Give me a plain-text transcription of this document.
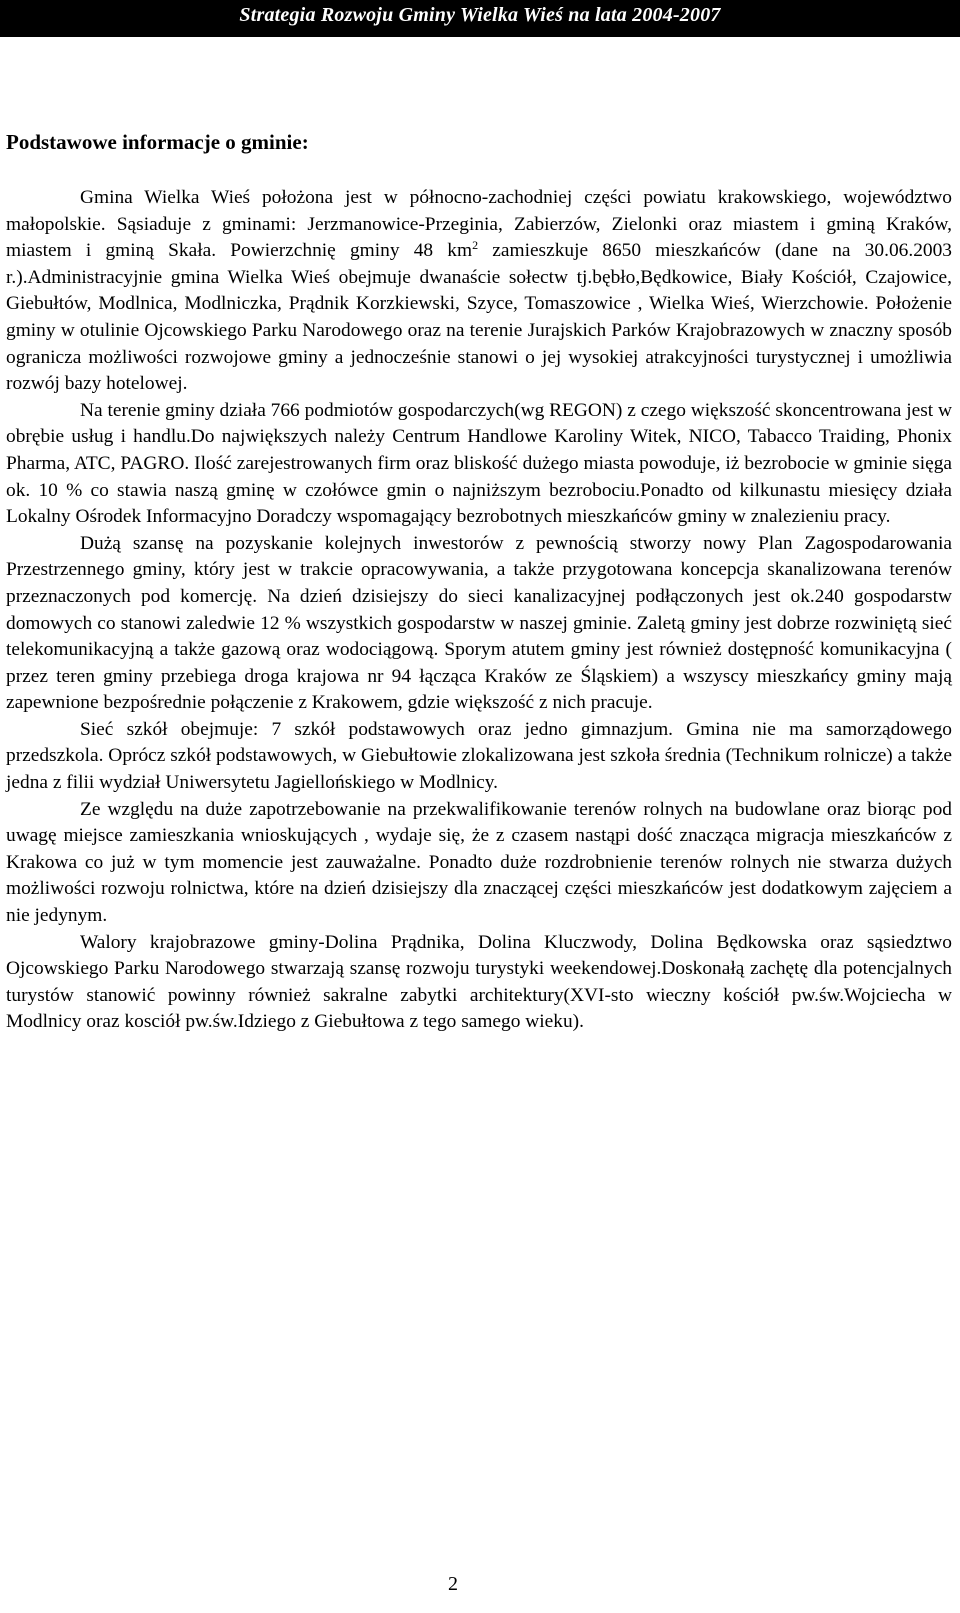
Strategia Rozwoju Gminy Wielka Wieś na lata 2004-2007
Podstawowe informacje o gminie:

Gmina Wielka Wieś położona jest w północno-zachodniej części powiatu krakowskiego, województwo małopolskie. Sąsiaduje z gminami: Jerzmanowice-Przeginia, Zabierzów, Zielonki oraz miastem i gminą Kraków, miastem i gminą Skała. Powierzchnię gminy 48 $km^2$ zamieszkuje 8650 mieszkańców (dane na 30.06.2003 r.).Administracyjnie gmina Wielka Wieś obejmuje dwanaście sołectw tj.bębło,Będkowice, Biały Kościół, Czajowice, Giebułtów, Modlnica, Modlniczka, Prądnik Korzkiewski, Szyce, Tomaszowice , Wielka Wieś, Wierzchowie. Położenie gminy w otulinie Ojcowskiego Parku Narodowego oraz na terenie Jurajskich Parków Krajobrazowych w znaczny sposób ogranicza możliwości rozwojowe gminy a jednocześnie stanowi o jej wysokiej atrakcyjności turystycznej i umożliwia rozwój bazy hotelowej.

Na terenie gminy działa 766 podmiotów gospodarczych(wg REGON) z czego większość skoncentrowana jest w obrębie usług i handlu.Do największych należy Centrum Handlowe Karoliny Witek, NICO, Tabacco Traiding, Phonix Pharma, ATC, PAGRO. Ilość zarejestrowanych firm oraz bliskość dużego miasta powoduje, iż bezrobocie w gminie sięga ok. 10 % co stawia naszą gminę w czołówce gmin o najniższym bezrobociu.Ponadto od kilkunastu miesięcy działa Lokalny Ośrodek Informacyjno Doradczy wspomagający bezrobotnych mieszkańców gminy w znalezieniu pracy.

Dużą szansę na pozyskanie kolejnych inwestorów z pewnością stworzy nowy Plan Zagospodarowania Przestrzennego gminy, który jest w trakcie opracowywania, a także przygotowana koncepcja skanalizowana terenów przeznaczonych pod komercję. Na dzień dzisiejszy do sieci kanalizacyjnej podłączonych jest ok.240 gospodarstw domowych co stanowi zaledwie 12 % wszystkich gospodarstw w naszej gminie. Zaletą gminy jest dobrze rozwiniętą sieć telekomunikacyjną a także gazową oraz wodociągową. Sporym atutem gminy jest również dostępność komunikacyjna ( przez teren gminy przebiega droga krajowa nr 94 łącząca Kraków ze Śląskiem) a wszyscy mieszkańcy gminy mają zapewnione bezpośrednie połączenie z Krakowem, gdzie większość z nich pracuje.

Sieć szkół obejmuje: 7 szkół podstawowych oraz jedno gimnazjum. Gmina nie ma samorządowego przedszkola. Oprócz szkół podstawowych, w Giebułtowie zlokalizowana jest szkoła średnia (Technikum rolnicze) a także jedna z filii wydział Uniwersytetu Jagiellońskiego w Modlnicy.

Ze względu na duże zapotrzebowanie na przekwalifikowanie terenów rolnych na budowlane oraz biorąc pod uwagę miejsce zamieszkania wnioskujących , wydaje się, że z czasem nastąpi dość znacząca migracja mieszkańców z Krakowa co już w tym momencie jest zauważalne. Ponadto duże rozdrobnienie terenów rolnych nie stwarza dużych możliwości rozwoju rolnictwa, które na dzień dzisiejszy dla znaczącej części mieszkańców jest dodatkowym zajęciem a nie jedynym.

Walory krajobrazowe gminy-Dolina Prądnika, Dolina Kluczwody, Dolina Będkowska oraz sąsiedztwo Ojcowskiego Parku Narodowego stwarzają szansę rozwoju turystyki weekendowej.Doskonałą zachętę dla potencjalnych turystów stanowić powinny również sakralne zabytki architektury(XVI-sto wieczny kościół pw.św.Wojciecha w Modlnicy oraz kosciół pw.św.Idziego z Giebułtowa z tego samego wieku).

2
